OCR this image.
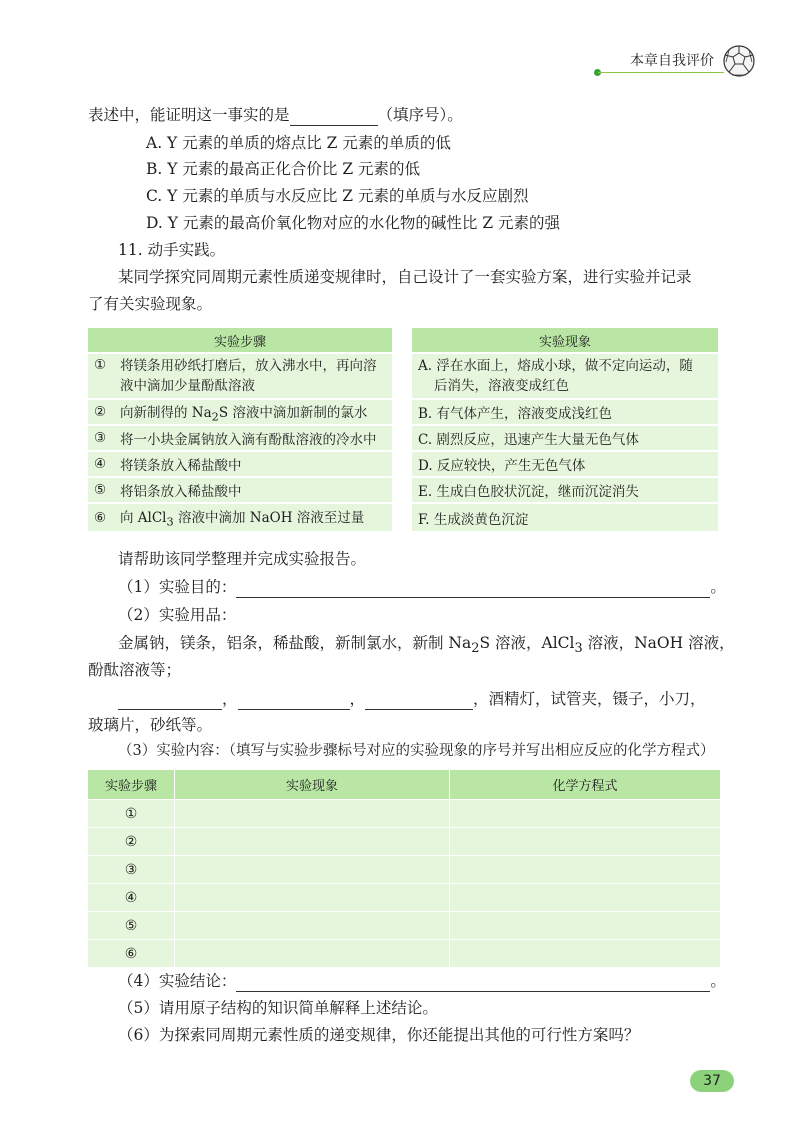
本章自我评价
表述中，能证明这一事实的是	（填序号）。
A. Y 元素的单质的熔点比 Z 元素的单质的低
B. Y 元素的最高正化合价比 Z 元素的低
C. Y 元素的单质与水反应比 Z 元素的单质与水反应剧烈
D. Y 元素的最高价氧化物对应的水化物的碱性比 Z 元素的强
11. 动手实践。
某同学探究同周期元素性质递变规律时，自己设计了一套实验方案，进行实验并记录
了有关实验现象。
实验步骤	
①	将镁条用砂纸打磨后，放入沸水中，再向溶
液中滴加少量酚酞溶液
②	向新制得的 $Na_2S$ 溶液中滴加新制的氯水
③	将一小块金属钠放入滴有酚酞溶液的冷水中
④	将镁条放入稀盐酸中
⑤	将铝条放入稀盐酸中
⑥	向 AlCl$_3$ 溶液中滴加 NaOH 溶液至过量
实验现象
A. 浮在水面上，熔成小球，做不定向运动，随
后消失，溶液变成红色
B. 有气体产生，溶液变成浅红色
C. 剧烈反应，迅速产生大量无色气体
D. 反应较快，产生无色气体
E. 生成白色胶状沉淀，继而沉淀消失
F. 生成淡黄色沉淀
请帮助该同学整理并完成实验报告。
（1）实验目的：	。
（2）实验用品：
金属钠，镁条，铝条，稀盐酸，新制氯水，新制 $Na_2S$ 溶液，AlCl$_3$ 溶液，NaOH 溶液，
酚酞溶液等；
，	，	，酒精灯，试管夹，镊子，小刀，
玻璃片，砂纸等。
（3）实验内容：（填写与实验步骤标号对应的实验现象的序号并写出相应反应的化学方程式）
实验步骤	实验现象	化学方程式
①		
②		
③		
④		
⑤		
⑥		
（4）实验结论：	。
（5）请用原子结构的知识简单解释上述结论。
（6）为探索同周期元素性质的递变规律，你还能提出其他的可行性方案吗？
37
